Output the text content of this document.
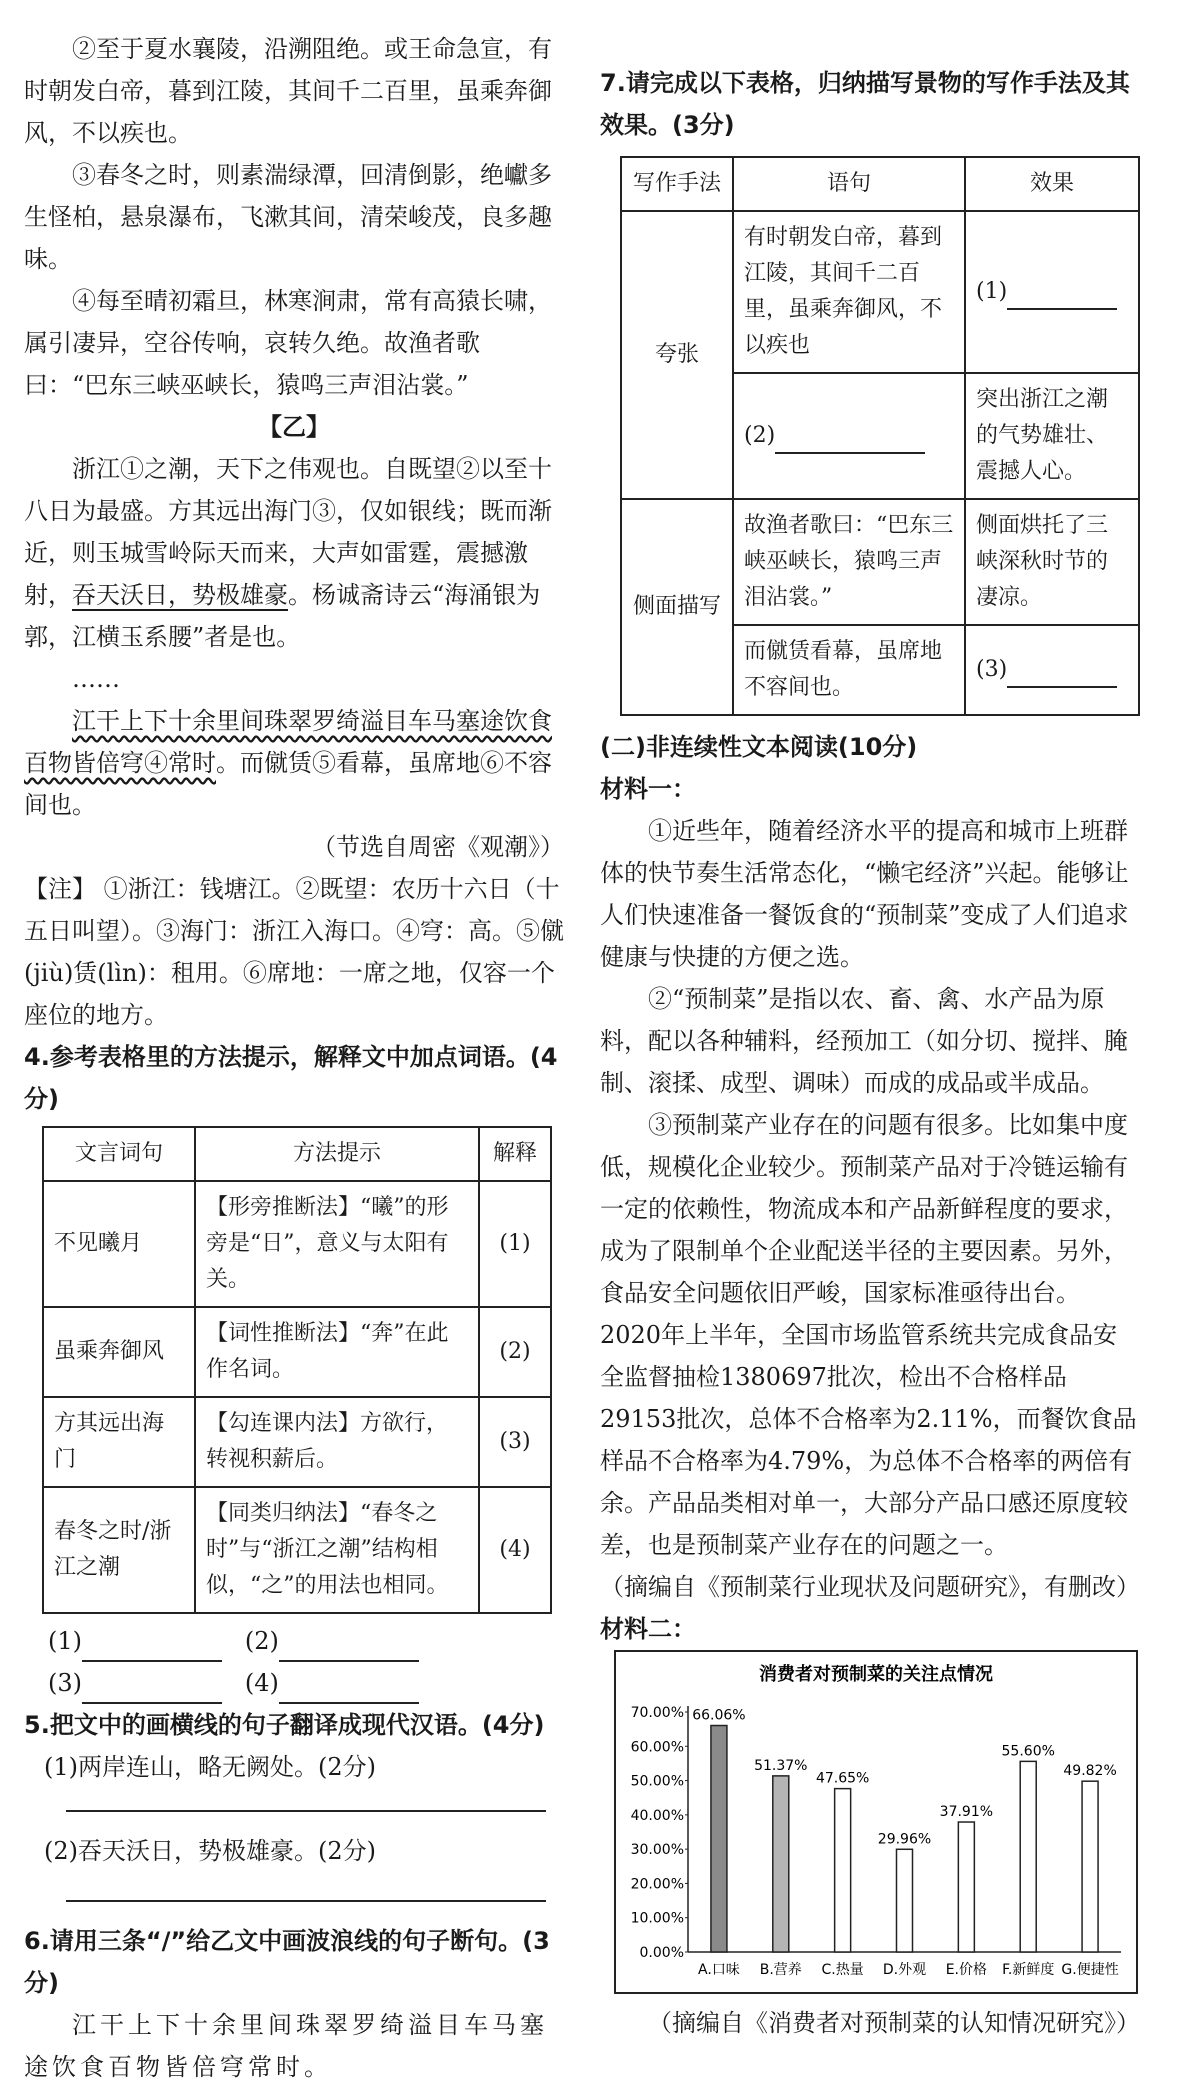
②至于夏水襄陵，沿溯阻绝。或王命急宣，有时朝发白帝，暮到江陵，其间千二百里，虽乘奔御风，不以疾也。

③春冬之时，则素湍绿潭，回清倒影，绝巘多生怪柏，悬泉瀑布，飞漱其间，清荣峻茂，良多趣味。

④每至晴初霜旦，林寒涧肃，常有高猿长啸，属引凄异，空谷传响，哀转久绝。故渔者歌曰：“巴东三峡巫峡长，猿鸣三声泪沾裳。”

【乙】

浙江①之潮，天下之伟观也。自既望②以至十八日为最盛。方其远出海门③，仅如银线；既而渐近，则玉城雪岭际天而来，大声如雷霆，震撼激射，吞天沃日，势极雄豪。杨诚斋诗云“海涌银为郭，江横玉系腰”者是也。

……

江干上下十余里间珠翠罗绮溢目车马塞途饮食百物皆倍穹④常时。而僦赁⑤看幕，虽席地⑥不容间也。

（节选自周密《观潮》）

【注】 ①浙江：钱塘江。②既望：农历十六日（十五日叫望）。③海门：浙江入海口。④穹：高。⑤僦(jiù)赁(lìn)：租用。⑥席地：一席之地，仅容一个座位的地方。

4.参考表格里的方法提示，解释文中加点词语。(4分)

文言词句	方法提示	解释
不见曦月	【形旁推断法】“曦”的形旁是“日”，意义与太阳有关。	(1)
虽乘奔御风	【词性推断法】“奔”在此作名词。	(2)
方其远出海门	【勾连课内法】方欲行，转视积薪后。	(3)
春冬之时/浙江之潮	【同类归纳法】“春冬之时”与“浙江之潮”结构相似，“之”的用法也相同。	(4)

(1)	(2)

(3)	(4)

5.把文中的画横线的句子翻译成现代汉语。(4分)

(1)两岸连山，略无阙处。(2分)

(2)吞天沃日，势极雄豪。(2分)

6.请用三条“/”给乙文中画波浪线的句子断句。(3分)

江干上下十余里间珠翠罗绮溢目车马塞途饮食百物皆倍穹常时。

7.请完成以下表格，归纳描写景物的写作手法及其效果。(3分)

写作手法	语句	效果
夸张	有时朝发白帝，暮到江陵，其间千二百里，虽乘奔御风，不以疾也	(1)
	(2)	突出浙江之潮的气势雄壮、震撼人心。
侧面描写	故渔者歌曰：“巴东三峡巫峡长，猿鸣三声泪沾裳。”	侧面烘托了三峡深秋时节的凄凉。
	而僦赁看幕，虽席地不容间也。	(3)

(二)非连续性文本阅读(10分)

材料一：

①近些年，随着经济水平的提高和城市上班群体的快节奏生活常态化，“懒宅经济”兴起。能够让人们快速准备一餐饭食的“预制菜”变成了人们追求健康与快捷的方便之选。

②“预制菜”是指以农、畜、禽、水产品为原料，配以各种辅料，经预加工（如分切、搅拌、腌制、滚揉、成型、调味）而成的成品或半成品。

③预制菜产业存在的问题有很多。比如集中度低，规模化企业较少。预制菜产品对于冷链运输有一定的依赖性，物流成本和产品新鲜程度的要求，成为了限制单个企业配送半径的主要因素。另外，食品安全问题依旧严峻，国家标准亟待出台。2020年上半年，全国市场监管系统共完成食品安全监督抽检1380697批次，检出不合格样品29153批次，总体不合格率为2.11%，而餐饮食品样品不合格率为4.79%，为总体不合格率的两倍有余。产品品类相对单一，大部分产品口感还原度较差，也是预制菜产业存在的问题之一。

（摘编自《预制菜行业现状及问题研究》，有删改）

材料二：

消费者对预制菜的关注点情况
0.00%
10.00%
20.00%
30.00%
40.00%
50.00%
60.00%
70.00% 66.06%
A.口味
51.37%
B.营养
47.65%
C.热量
29.96%
D.外观
37.91%
E.价格
55.60%
F.新鲜度
49.82%
G.便捷性

（摘编自《消费者对预制菜的认知情况研究》）
